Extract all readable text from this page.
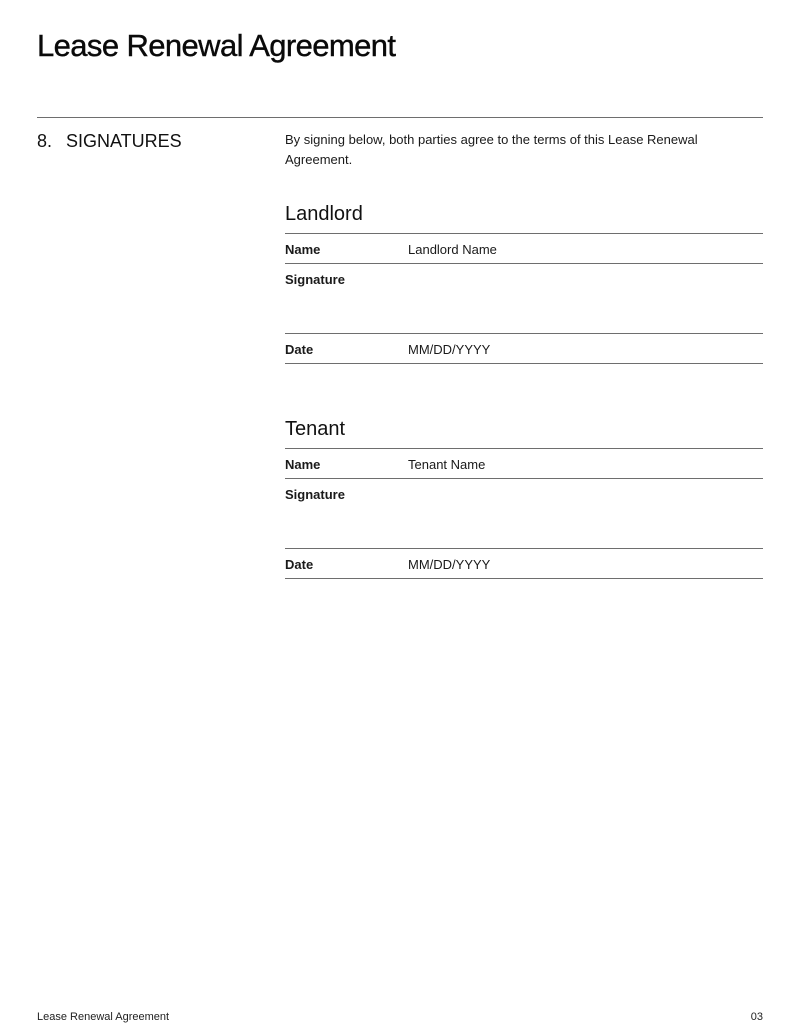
Lease Renewal Agreement
8. SIGNATURES	By signing below, both parties agree to the terms of this Lease Renewal Agreement.
Landlord
Name	Landlord Name
Signature
Date	MM/DD/YYYY
Tenant
Name	Tenant Name
Signature
Date	MM/DD/YYYY
Lease Renewal Agreement	03
